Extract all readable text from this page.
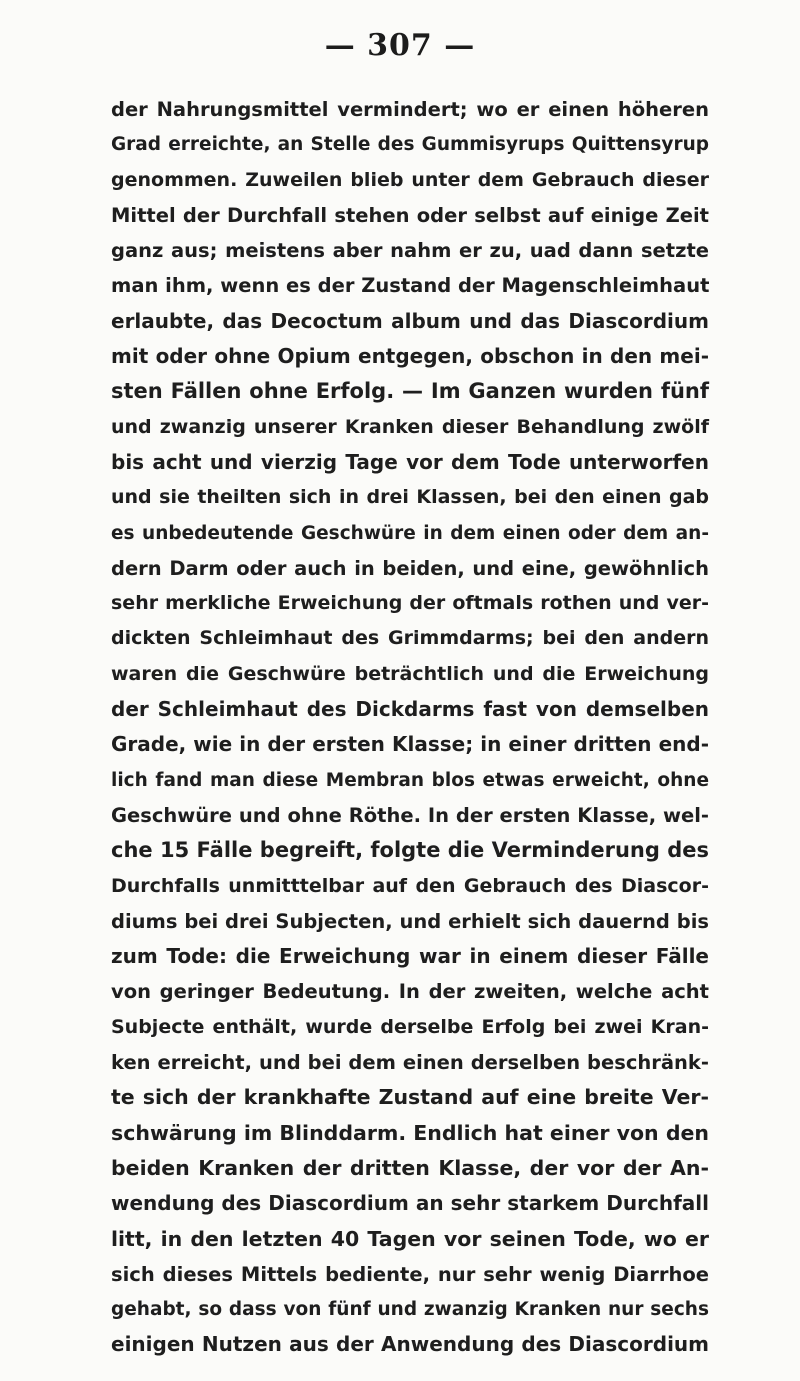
— 307 —
der Nahrungsmittel vermindert; wo er einen höheren
Grad erreichte, an Stelle des Gummisyrups Quittensyrup
genommen. Zuweilen blieb unter dem Gebrauch dieser
Mittel der Durchfall stehen oder selbst auf einige Zeit
ganz aus; meistens aber nahm er zu, uad dann setzte
man ihm, wenn es der Zustand der Magenschleimhaut
erlaubte, das Decoctum album und das Diascordium
mit oder ohne Opium entgegen, obschon in den mei-
sten Fällen ohne Erfolg. — Im Ganzen wurden fünf
und zwanzig unserer Kranken dieser Behandlung zwölf
bis acht und vierzig Tage vor dem Tode unterworfen
und sie theilten sich in drei Klassen, bei den einen gab
es unbedeutende Geschwüre in dem einen oder dem an-
dern Darm oder auch in beiden, und eine, gewöhnlich
sehr merkliche Erweichung der oftmals rothen und ver-
dickten Schleimhaut des Grimmdarms; bei den andern
waren die Geschwüre beträchtlich und die Erweichung
der Schleimhaut des Dickdarms fast von demselben
Grade, wie in der ersten Klasse; in einer dritten end-
lich fand man diese Membran blos etwas erweicht, ohne
Geschwüre und ohne Röthe. In der ersten Klasse, wel-
che 15 Fälle begreift, folgte die Verminderung des
Durchfalls unmitttelbar auf den Gebrauch des Diascor-
diums bei drei Subjecten, und erhielt sich dauernd bis
zum Tode: die Erweichung war in einem dieser Fälle
von geringer Bedeutung. In der zweiten, welche acht
Subjecte enthält, wurde derselbe Erfolg bei zwei Kran-
ken erreicht, und bei dem einen derselben beschränk-
te sich der krankhafte Zustand auf eine breite Ver-
schwärung im Blinddarm. Endlich hat einer von den
beiden Kranken der dritten Klasse, der vor der An-
wendung des Diascordium an sehr starkem Durchfall
litt, in den letzten 40 Tagen vor seinen Tode, wo er
sich dieses Mittels bediente, nur sehr wenig Diarrhoe
gehabt, so dass von fünf und zwanzig Kranken nur sechs
einigen Nutzen aus der Anwendung des Diascordium
